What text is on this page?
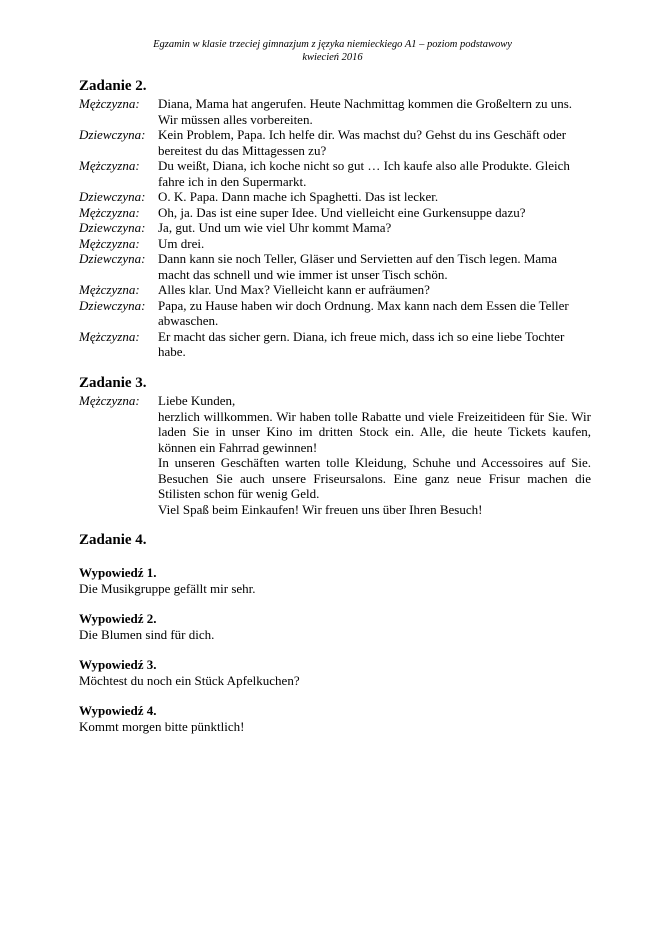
Egzamin w klasie trzeciej gimnazjum z języka niemieckiego A1 – poziom podstawowy
kwiecień 2016
Zadanie 2.
Mężczyzna:	Diana, Mama hat angerufen. Heute Nachmittag kommen die Großeltern zu uns. Wir müssen alles vorbereiten.
Dziewczyna: Kein Problem, Papa. Ich helfe dir. Was machst du? Gehst du ins Geschäft oder bereitest du das Mittagessen zu?
Mężczyzna:	Du weißt, Diana, ich koche nicht so gut … Ich kaufe also alle Produkte. Gleich fahre ich in den Supermarkt.
Dziewczyna: O. K. Papa. Dann mache ich Spaghetti. Das ist lecker.
Mężczyzna:	Oh, ja. Das ist eine super Idee. Und vielleicht eine Gurkensuppe dazu?
Dziewczyna: Ja, gut. Und um wie viel Uhr kommt Mama?
Mężczyzna:	Um drei.
Dziewczyna: Dann kann sie noch Teller, Gläser und Servietten auf den Tisch legen. Mama macht das schnell und wie immer ist unser Tisch schön.
Mężczyzna:	Alles klar. Und Max? Vielleicht kann er aufräumen?
Dziewczyna: Papa, zu Hause haben wir doch Ordnung. Max kann nach dem Essen die Teller abwaschen.
Mężczyzna:	Er macht das sicher gern. Diana, ich freue mich, dass ich so eine liebe Tochter habe.
Zadanie 3.
Mężczyzna:	Liebe Kunden,
herzlich willkommen. Wir haben tolle Rabatte und viele Freizeitideen für Sie. Wir laden Sie in unser Kino im dritten Stock ein. Alle, die heute Tickets kaufen, können ein Fahrrad gewinnen!
In unseren Geschäften warten tolle Kleidung, Schuhe und Accessoires auf Sie. Besuchen Sie auch unsere Friseursalons. Eine ganz neue Frisur machen die Stilisten schon für wenig Geld.
Viel Spaß beim Einkaufen! Wir freuen uns über Ihren Besuch!
Zadanie 4.
Wypowiedź 1.
Die Musikgruppe gefällt mir sehr.
Wypowiedź 2.
Die Blumen sind für dich.
Wypowiedź 3.
Möchtest du noch ein Stück Apfelkuchen?
Wypowiedź 4.
Kommt morgen bitte pünktlich!
